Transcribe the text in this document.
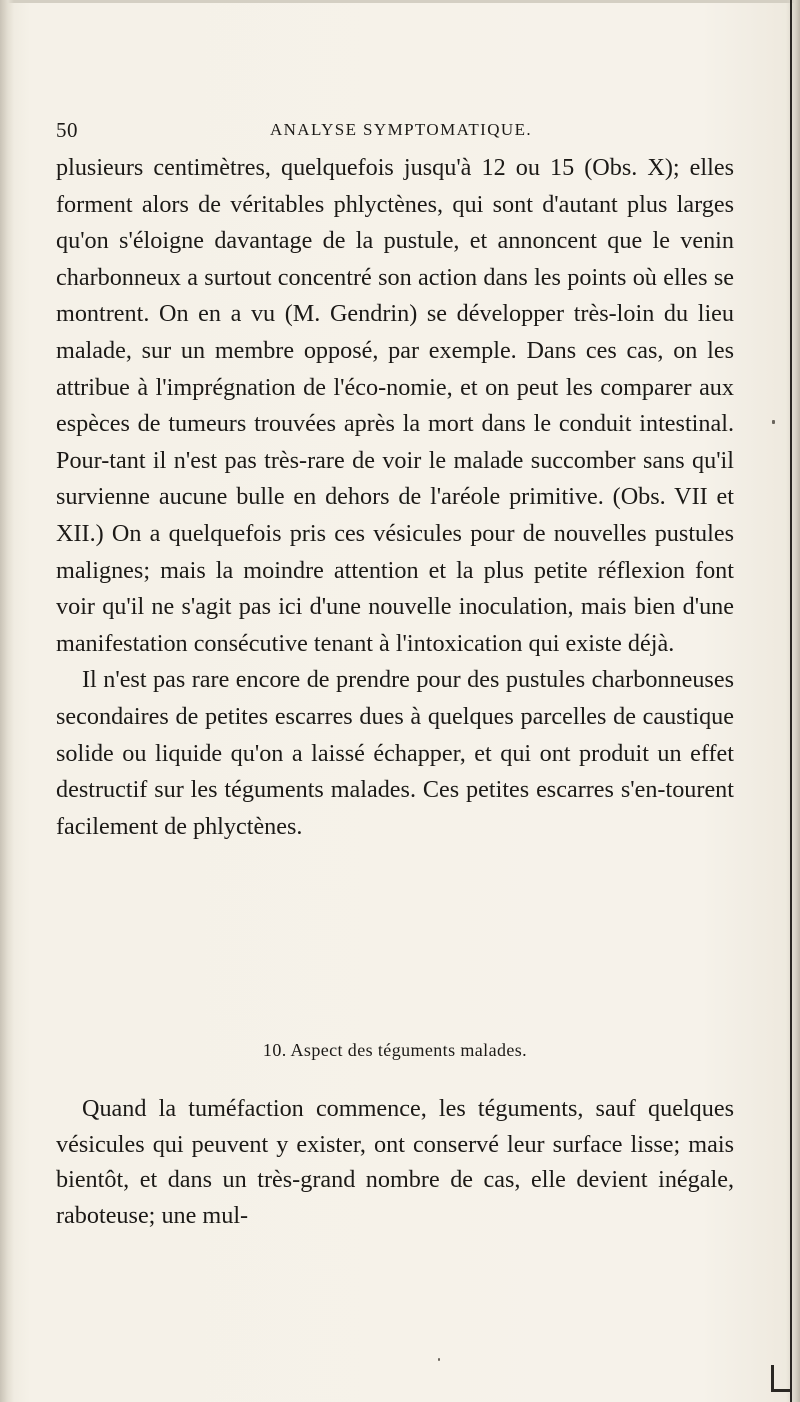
50	ANALYSE SYMPTOMATIQUE.

plusieurs centimètres, quelquefois jusqu'à 12 ou 15 (Obs. X); elles forment alors de véritables phlyctènes, qui sont d'autant plus larges qu'on s'éloigne davantage de la pustule, et annoncent que le venin charbonneux a surtout concentré son action dans les points où elles se montrent. On en a vu (M. Gendrin) se développer très-loin du lieu malade, sur un membre opposé, par exemple. Dans ces cas, on les attribue à l'imprégnation de l'éco-nomie, et on peut les comparer aux espèces de tumeurs trouvées après la mort dans le conduit intestinal. Pour-tant il n'est pas très-rare de voir le malade succomber sans qu'il survienne aucune bulle en dehors de l'aréole primitive. (Obs. VII et XII.) On a quelquefois pris ces vésicules pour de nouvelles pustules malignes; mais la moindre attention et la plus petite réflexion font voir qu'il ne s'agit pas ici d'une nouvelle inoculation, mais bien d'une manifestation consécutive tenant à l'intoxication qui existe déjà.

Il n'est pas rare encore de prendre pour des pustules charbonneuses secondaires de petites escarres dues à quelques parcelles de caustique solide ou liquide qu'on a laissé échapper, et qui ont produit un effet destructif sur les téguments malades. Ces petites escarres s'en-tourent facilement de phlyctènes.

10. Aspect des téguments malades.

Quand la tuméfaction commence, les téguments, sauf quelques vésicules qui peuvent y exister, ont conservé leur surface lisse; mais bientôt, et dans un très-grand nombre de cas, elle devient inégale, raboteuse; une mul-
